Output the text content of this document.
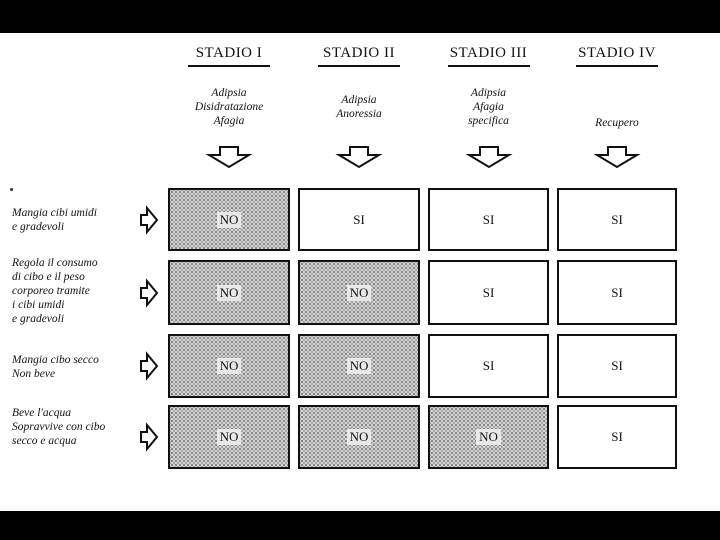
STADIO I
Adipsia
Disidratazione
Afagia
STADIO II
Adipsia
Anoressia
STADIO III
Adipsia
Afagia
specifica
STADIO IV
Recupero
Mangia cibi umidi
e gradevoli
NO	SI	SI	SI
Regola il consumo
di cibo e il peso
corporeo tramite
i cibi umidi
e gradevoli
NO	NO	SI	SI
Mangia cibo secco
Non beve
NO	NO	SI	SI
Beve l'acqua
Sopravvive con cibo
secco e acqua	NO	NO	NO	SI
